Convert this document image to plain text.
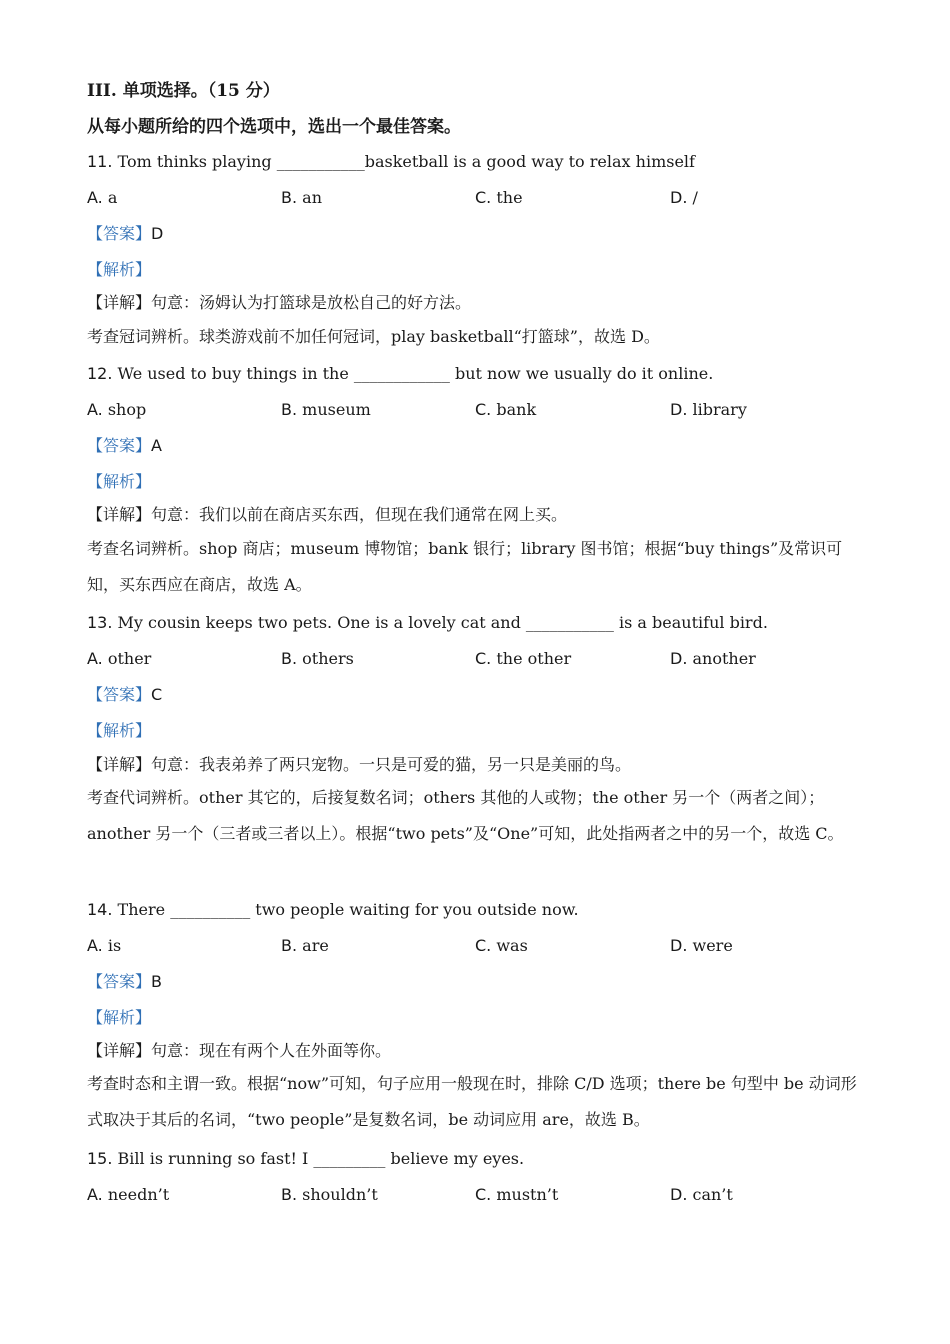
III. 单项选择。（15 分）
从每小题所给的四个选项中，选出一个最佳答案。
11. Tom thinks playing ___________basketball is a good way to relax himself
A. a	B. an	C. the	D. /
【答案】D
【解析】
【详解】句意：汤姆认为打篮球是放松自己的好方法。
考查冠词辨析。球类游戏前不加任何冠词，play basketball“打篮球”，故选 D。
12. We used to buy things in the ____________ but now we usually do it online.
A. shop	B. museum	C. bank	D. library
【答案】A
【解析】
【详解】句意：我们以前在商店买东西，但现在我们通常在网上买。
考查名词辨析。shop 商店；museum 博物馆；bank 银行；library 图书馆；根据“buy things”及常识可知，买东西应在商店，故选 A。
13. My cousin keeps two pets. One is a lovely cat and ___________ is a beautiful bird.
A. other	B. others	C. the other	D. another
【答案】C
【解析】
【详解】句意：我表弟养了两只宠物。一只是可爱的猫，另一只是美丽的鸟。
考查代词辨析。other 其它的，后接复数名词；others 其他的人或物；the other 另一个（两者之间）；another 另一个（三者或三者以上）。根据“two pets”及“One”可知，此处指两者之中的另一个，故选 C。
14. There __________ two people waiting for you outside now.
A. is	B. are	C. was	D. were
【答案】B
【解析】
【详解】句意：现在有两个人在外面等你。
考查时态和主谓一致。根据“now”可知，句子应用一般现在时，排除 C/D 选项；there be 句型中 be 动词形式取决于其后的名词，“two people”是复数名词，be 动词应用 are，故选 B。
15. Bill is running so fast! I _________ believe my eyes.
A. needn’t	B. shouldn’t	C. mustn’t	D. can’t
